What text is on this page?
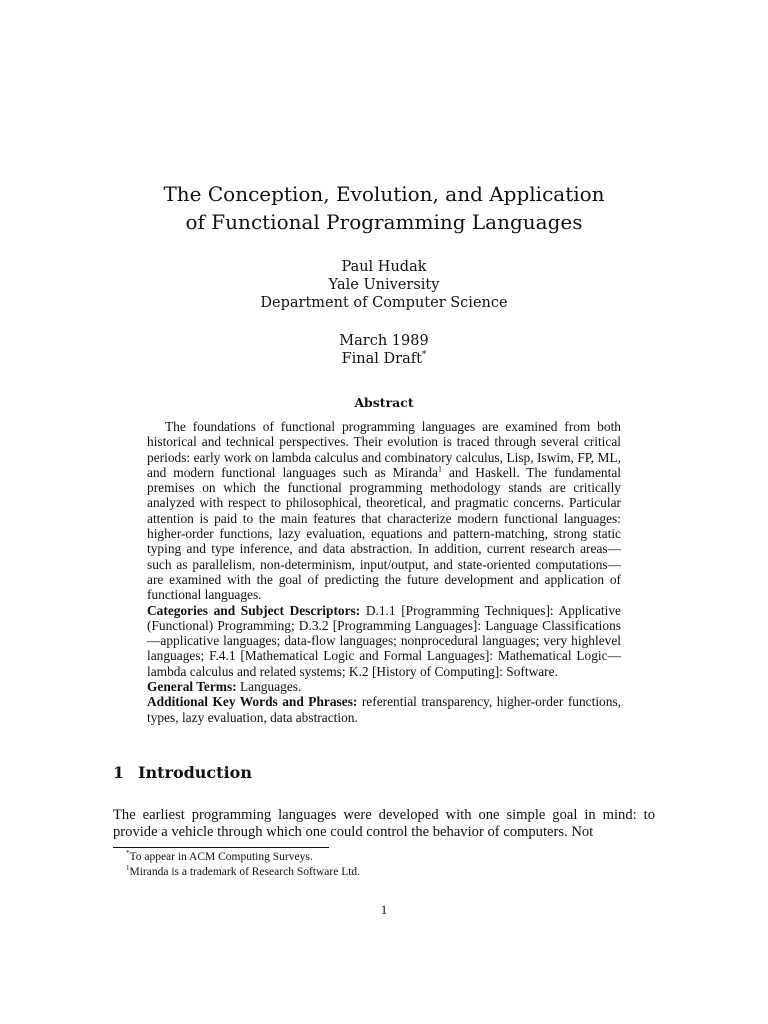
The Conception, Evolution, and Application
of Functional Programming Languages
Paul Hudak
Yale University
Department of Computer Science
March 1989
Final Draft*
Abstract

The foundations of functional programming languages are examined from both historical and technical perspectives. Their evolution is traced through several critical periods: early work on lambda calculus and combinatory calculus, Lisp, Iswim, FP, ML, and modern functional languages such as Miranda$^1$ and Haskell. The fundamental premises on which the functional programming methodology stands are critically analyzed with respect to philosophical, theoretical, and pragmatic concerns. Particular attention is paid to the main features that characterize modern functional languages: higher-order functions, lazy evaluation, equations and pattern-matching, strong static typing and type inference, and data abstraction. In addition, current research areas—such as parallelism, non-determinism, input/output, and state-oriented computations—are examined with the goal of predicting the future development and application of functional languages.

Categories and Subject Descriptors: D.1.1 [Programming Techniques]: Applicative (Functional) Programming; D.3.2 [Programming Languages]: Language Classifications—applicative languages; data-flow languages; nonprocedural languages; very highlevel languages; F.4.1 [Mathematical Logic and Formal Languages]: Mathematical Logic—lambda calculus and related systems; K.2 [History of Computing]: Software.

General Terms: Languages.

Additional Key Words and Phrases: referential transparency, higher-order functions, types, lazy evaluation, data abstraction.

1 Introduction

The earliest programming languages were developed with one simple goal in mind: to provide a vehicle through which one could control the behavior of computers. Not

*To appear in ACM Computing Surveys.
$^1$Miranda is a trademark of Research Software Ltd.
1
